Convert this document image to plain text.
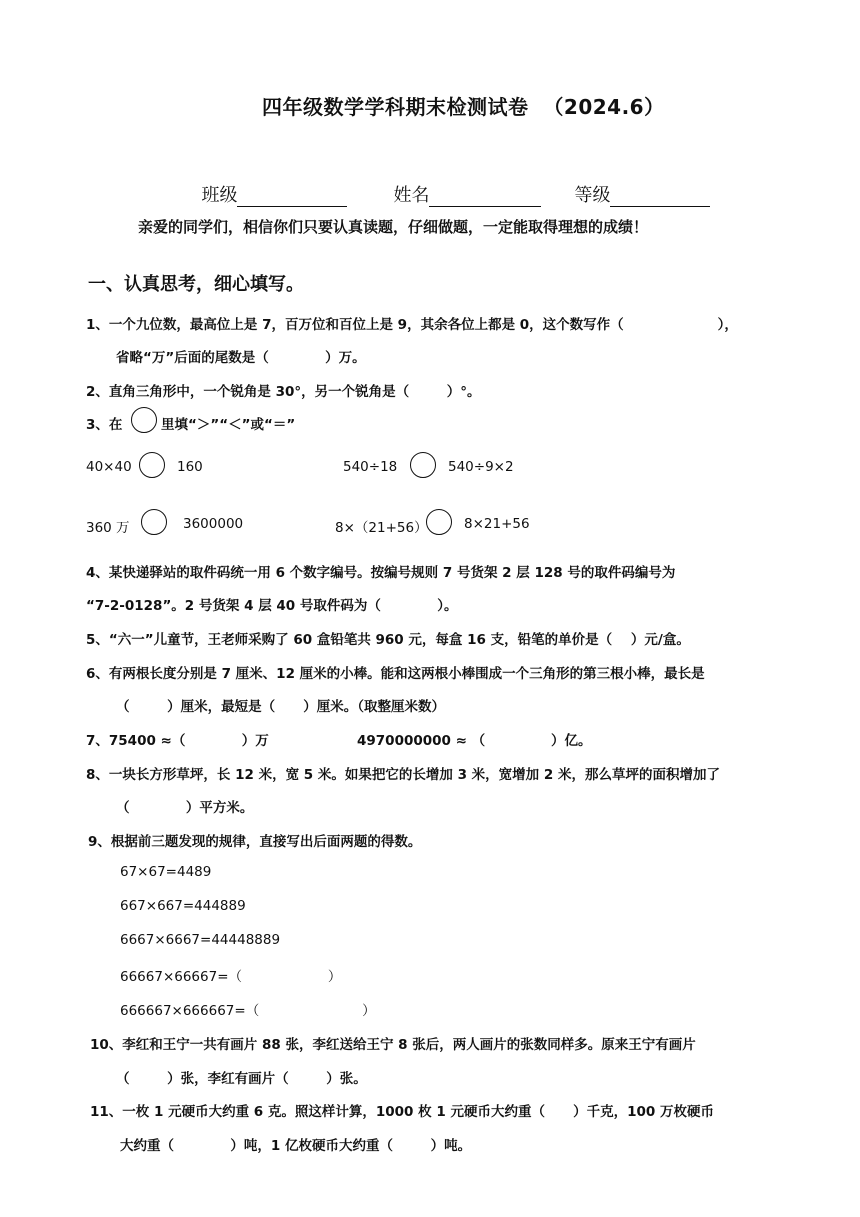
四年级数学学科期末检测试卷  （2024.6）

班级	姓名	等级

亲爱的同学们，相信你们只要认真读题，仔细做题，一定能取得理想的成绩！
一、认真思考，细心填写。
1、一个九位数，最高位上是 7，百万位和百位上是 9，其余各位上都是 0，这个数写作（                    ），
省略“万”后面的尾数是（            ）万。
2、直角三角形中，一个锐角是 30°，另一个锐角是（        ）°。
3、在	里填“＞”“＜”或“＝”
40×40	160	540÷18	540÷9×2
360 万	3600000	8×（21+56）	8×21+56
4、某快递驿站的取件码统一用 6 个数字编号。按编号规则 7 号货架 2 层 128 号的取件码编号为
“7-2-0128”。2 号货架 4 层 40 号取件码为（            ）。
5、“六一”儿童节，王老师采购了 60 盒铅笔共 960 元，每盒 16 支，铅笔的单价是（    ）元/盒。
6、有两根长度分别是 7 厘米、12 厘米的小棒。能和这两根小棒围成一个三角形的第三根小棒，最长是
（        ）厘米，最短是（      ）厘米。（取整厘米数）
7、75400 ≈（            ）万	4970000000 ≈ （              ）亿。
8、一块长方形草坪，长 12 米，宽 5 米。如果把它的长增加 3 米，宽增加 2 米，那么草坪的面积增加了
（            ）平方米。
9、根据前三题发现的规律，直接写出后面两题的得数。
67×67=4489
667×667=444889
6667×6667=44448889
66667×66667=（                    ）
666667×666667=（                        ）
10、李红和王宁一共有画片 88 张，李红送给王宁 8 张后，两人画片的张数同样多。原来王宁有画片
（        ）张，李红有画片（        ）张。
11、一枚 1 元硬币大约重 6 克。照这样计算，1000 枚 1 元硬币大约重（      ）千克，100 万枚硬币
大约重（            ）吨，1 亿枚硬币大约重（        ）吨。
